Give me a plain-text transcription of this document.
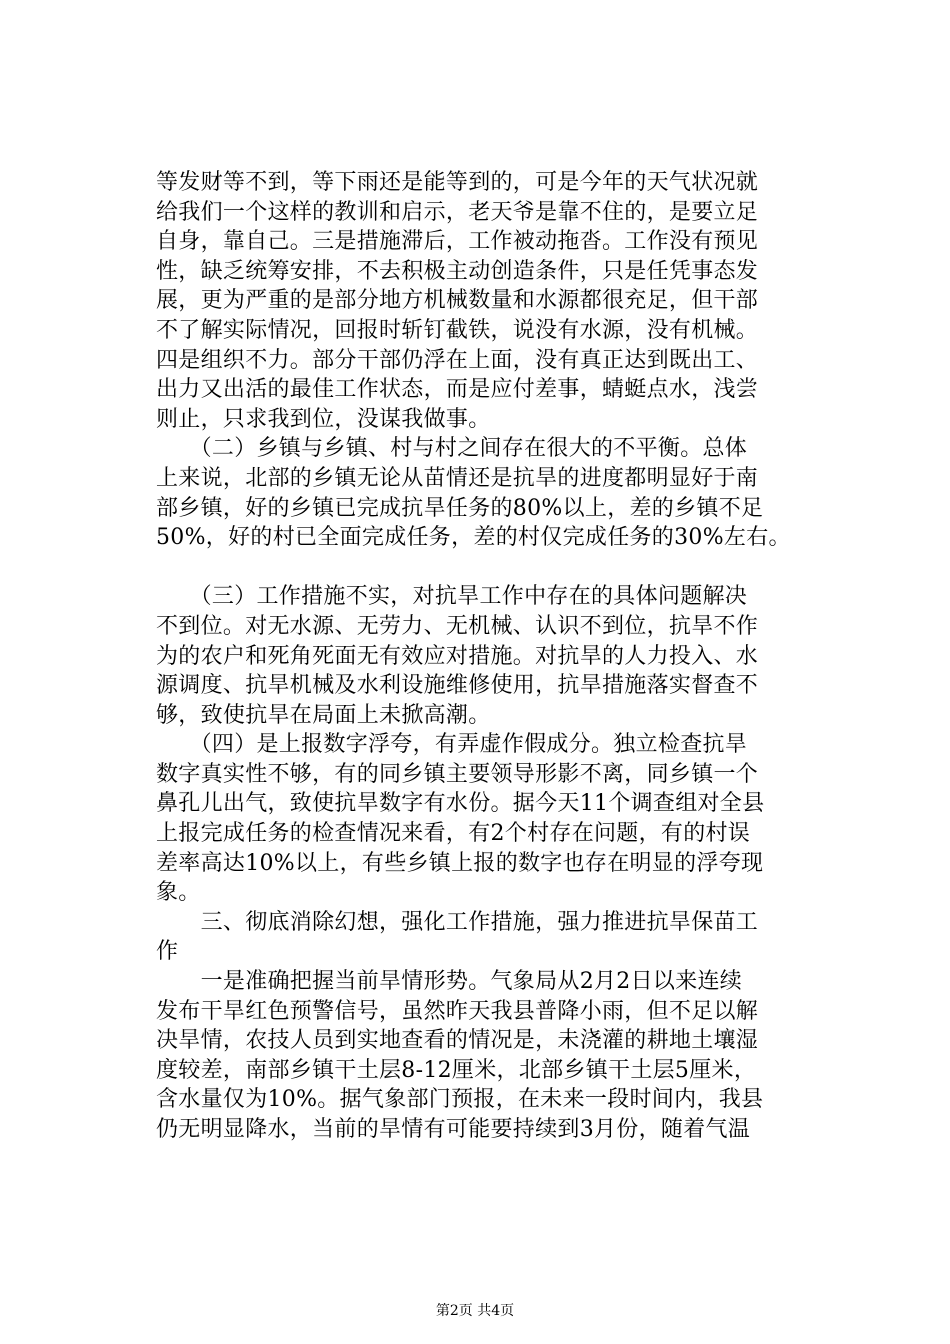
等发财等不到，等下雨还是能等到的，可是今年的天气状况就
给我们一个这样的教训和启示，老天爷是靠不住的，是要立足
自身，靠自己。三是措施滞后，工作被动拖沓。工作没有预见
性，缺乏统筹安排，不去积极主动创造条件，只是任凭事态发
展，更为严重的是部分地方机械数量和水源都很充足，但干部
不了解实际情况，回报时斩钉截铁，说没有水源，没有机械。
四是组织不力。部分干部仍浮在上面，没有真正达到既出工、
出力又出活的最佳工作状态，而是应付差事，蜻蜓点水，浅尝
则止，只求我到位，没谋我做事。
　　（二）乡镇与乡镇、村与村之间存在很大的不平衡。总体
上来说，北部的乡镇无论从苗情还是抗旱的进度都明显好于南
部乡镇，好的乡镇已完成抗旱任务的80%以上，差的乡镇不足
50%，好的村已全面完成任务，差的村仅完成任务的30%左右。
　　（三）工作措施不实，对抗旱工作中存在的具体问题解决
不到位。对无水源、无劳力、无机械、认识不到位，抗旱不作
为的农户和死角死面无有效应对措施。对抗旱的人力投入、水
源调度、抗旱机械及水利设施维修使用，抗旱措施落实督查不
够，致使抗旱在局面上未掀高潮。
　　（四）是上报数字浮夸，有弄虚作假成分。独立检查抗旱
数字真实性不够，有的同乡镇主要领导形影不离，同乡镇一个
鼻孔儿出气，致使抗旱数字有水份。据今天11个调查组对全县
上报完成任务的检查情况来看，有2个村存在问题，有的村误
差率高达10%以上，有些乡镇上报的数字也存在明显的浮夸现
象。
　　三、彻底消除幻想，强化工作措施，强力推进抗旱保苗工
作
　　一是准确把握当前旱情形势。气象局从2月2日以来连续
发布干旱红色预警信号，虽然昨天我县普降小雨，但不足以解
决旱情，农技人员到实地查看的情况是，未浇灌的耕地土壤湿
度较差，南部乡镇干土层8-12厘米，北部乡镇干土层5厘米，
含水量仅为10%。据气象部门预报，在未来一段时间内，我县
仍无明显降水，当前的旱情有可能要持续到3月份，随着气温
第2页 共4页
